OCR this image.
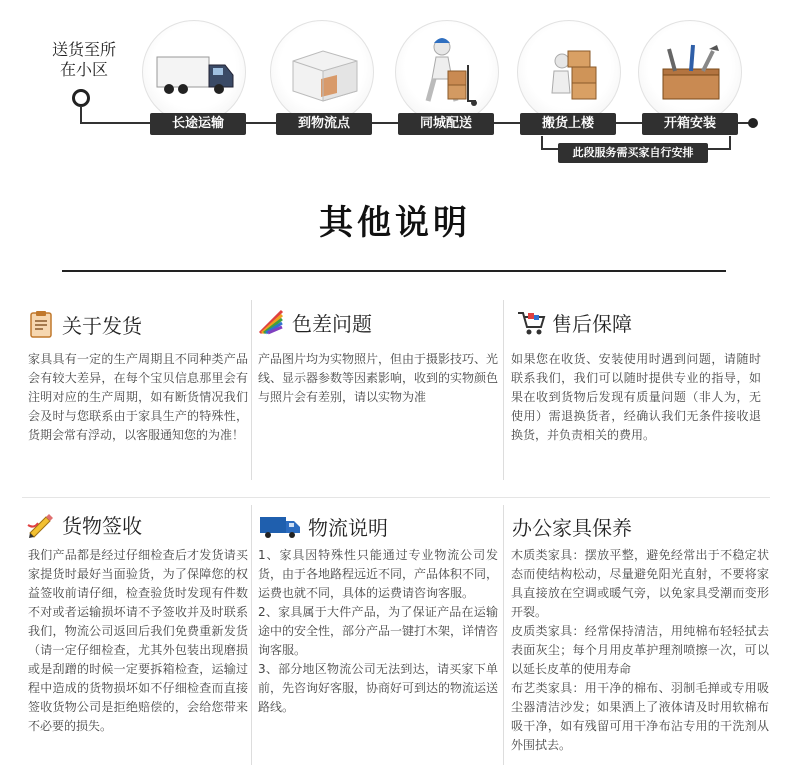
送货至所
在小区
长途运输	到物流点	同城配送	搬货上楼	开箱安装
此段服务需买家自行安排
其他说明
关于发货
家具具有一定的生产周期且不同种类产品会有较大差异，在每个宝贝信息那里会有注明对应的生产周期，如有断货情况我们会及时与您联系由于家具生产的特殊性，货期会常有浮动，以客服通知您的为准！
色差问题
产品图片均为实物照片，但由于摄影技巧、光线、显示器参数等因素影响，收到的实物颜色与照片会有差别，请以实物为准
售后保障
如果您在收货、安装使用时遇到问题，请随时联系我们，我们可以随时提供专业的指导，如果在收到货物后发现有质量问题（非人为，无使用）需退换货者，经确认我们无条件接收退换货，并负责相关的费用。
货物签收
我们产品都是经过仔细检查后才发货请买家提货时最好当面验货，为了保障您的权益签收前请仔细，检查验货时发现有件数不对或者运输损坏请不予签收并及时联系我们，物流公司返回后我们免费重新发货（请一定仔细检查，尤其外包装出现磨损或是刮蹭的时候一定要拆箱检查，运输过程中造成的货物损坏如不仔细检查而直接签收货物公司是拒绝赔偿的，会给您带来不必要的损失。
物流说明
1、家具因特殊性只能通过专业物流公司发货，由于各地路程远近不同，产品体积不同，运费也就不同，具体的运费请咨询客服。
2、家具属于大件产品，为了保证产品在运输途中的安全性，部分产品一键打木架，详情咨询客服。
3、部分地区物流公司无法到达，请买家下单前，先咨询好客服，协商好可到达的物流运送路线。
办公家具保养
木质类家具：摆放平整，避免经常出于不稳定状态而使结构松动，尽量避免阳光直射，不要将家具直接放在空调或暖气旁，以免家具受潮而变形开裂。
皮质类家具：经常保持清洁，用纯棉布轻轻拭去表面灰尘；每个月用皮革护理剂喷擦一次，可以以延长皮革的使用寿命
布艺类家具：用干净的棉布、羽制毛掸或专用吸尘器清洁沙发；如果洒上了液体请及时用软棉布吸干净，如有残留可用干净布沾专用的干洗剂从外围拭去。
